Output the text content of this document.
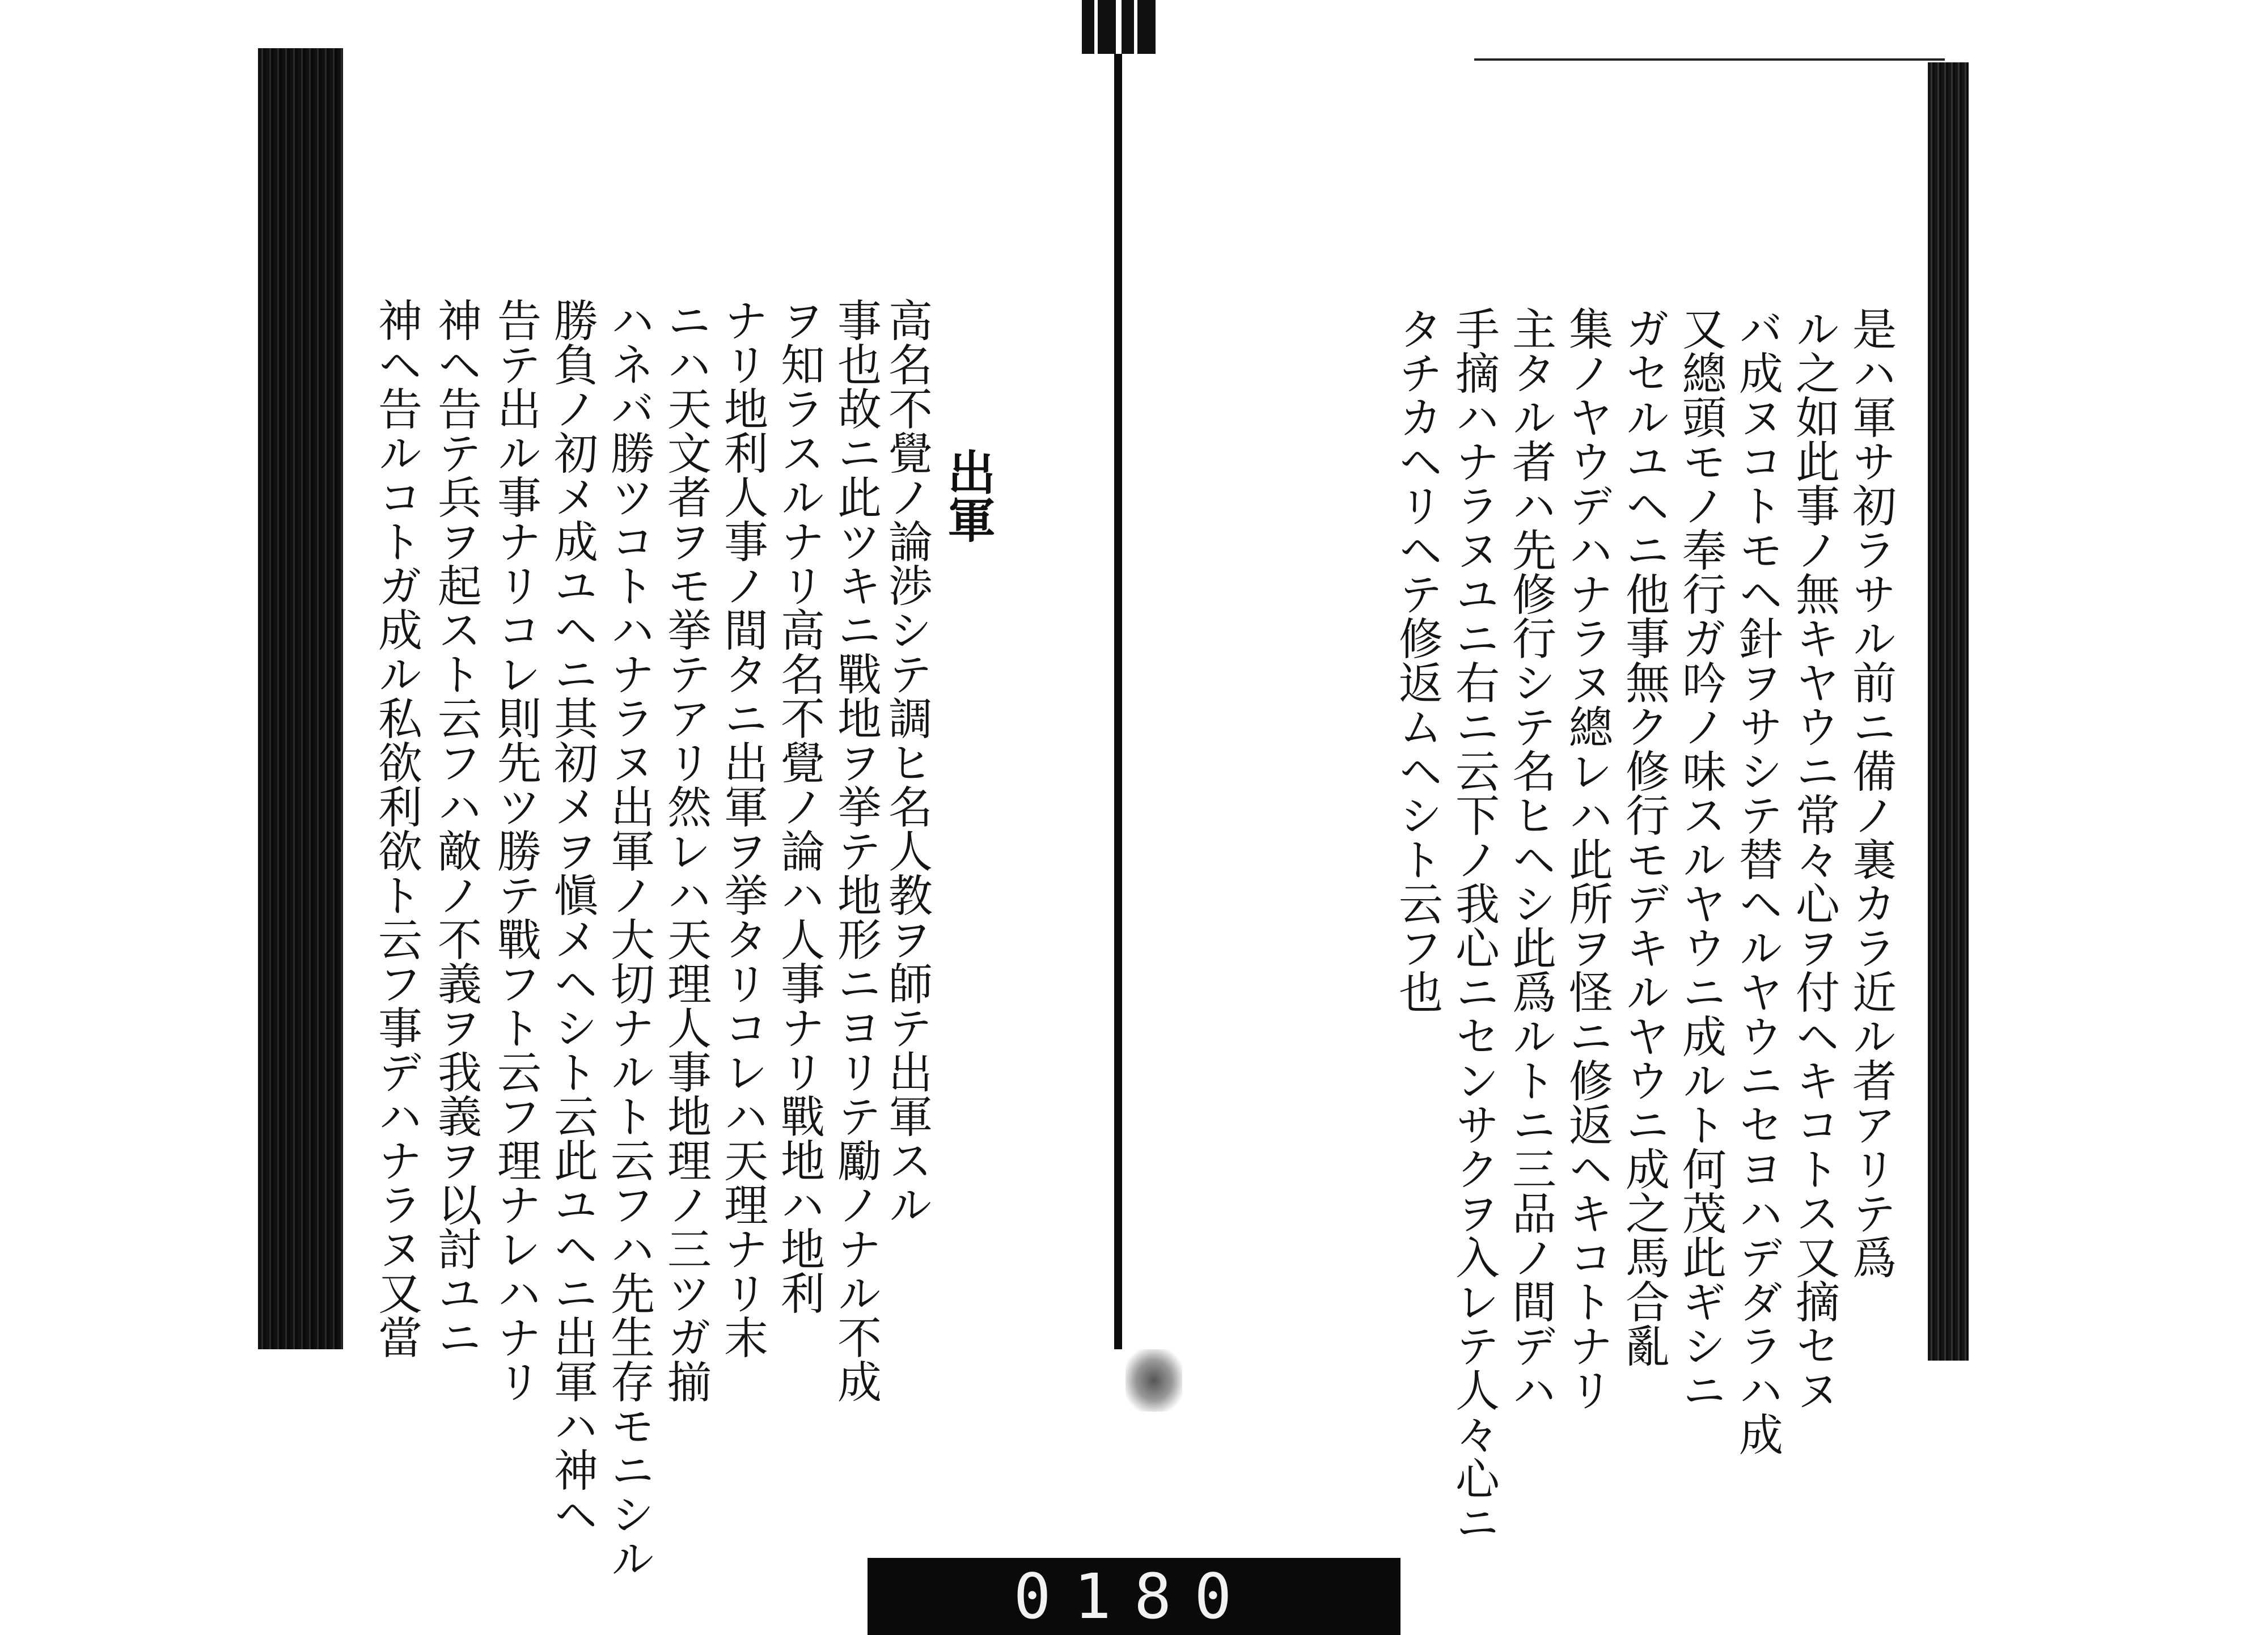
出軍
高名不覺ノ論渉シテ調ヒ名人教ヲ師テ出軍スル
事也故ニ此ツキニ戰地ヲ挙テ地形ニヨリテ勵ノナル不成
ヲ知ラスルナリ高名不覺ノ論ハ人事ナリ戰地ハ地利
ナリ地利人事ノ間タニ出軍ヲ挙タリコレハ天理ナリ末
ニハ天文者ヲモ挙テアリ然レハ天理人事地理ノ三ツガ揃
ハネバ勝ツコトハナラヌ出軍ノ大切ナルト云フハ先生存モニシル
勝負ノ初メ成ユヘニ其初メヲ愼メヘシト云此ユヘニ出軍ハ神ヘ
告テ出ル事ナリコレ則先ツ勝テ戰フト云フ理ナレハナリ
神ヘ告テ兵ヲ起スト云フハ敵ノ不義ヲ我義ヲ以討ユニ
神ヘ告ルコトガ成ル私欲利欲ト云フ事デハナラヌ又當	是ハ軍サ初ラサル前ニ備ノ裏カラ近ル者アリテ爲
ル之如此事ノ無キヤウニ常々心ヲ付ヘキコトス又摘セヌ
バ成ヌコトモヘ針ヲサシテ替ヘルヤウニセヨハデダラハ成
又總頭モノ奉行ガ吟ノ味スルヤウニ成ルト何茂此ギシニ
ガセルユヘニ他事無ク修行モデキルヤウニ成之馬合亂
集ノヤウデハナラヌ總レハ此所ヲ怪ニ修返ヘキコトナリ
主タル者ハ先修行シテ名ヒヘシ此爲ルトニ三品ノ間デハ
手摘ハナラヌユニ右ニ云下ノ我心ニセンサクヲ入レテ人々心ニ
タチカヘリヘテ修返ムヘシト云フ也
0180
